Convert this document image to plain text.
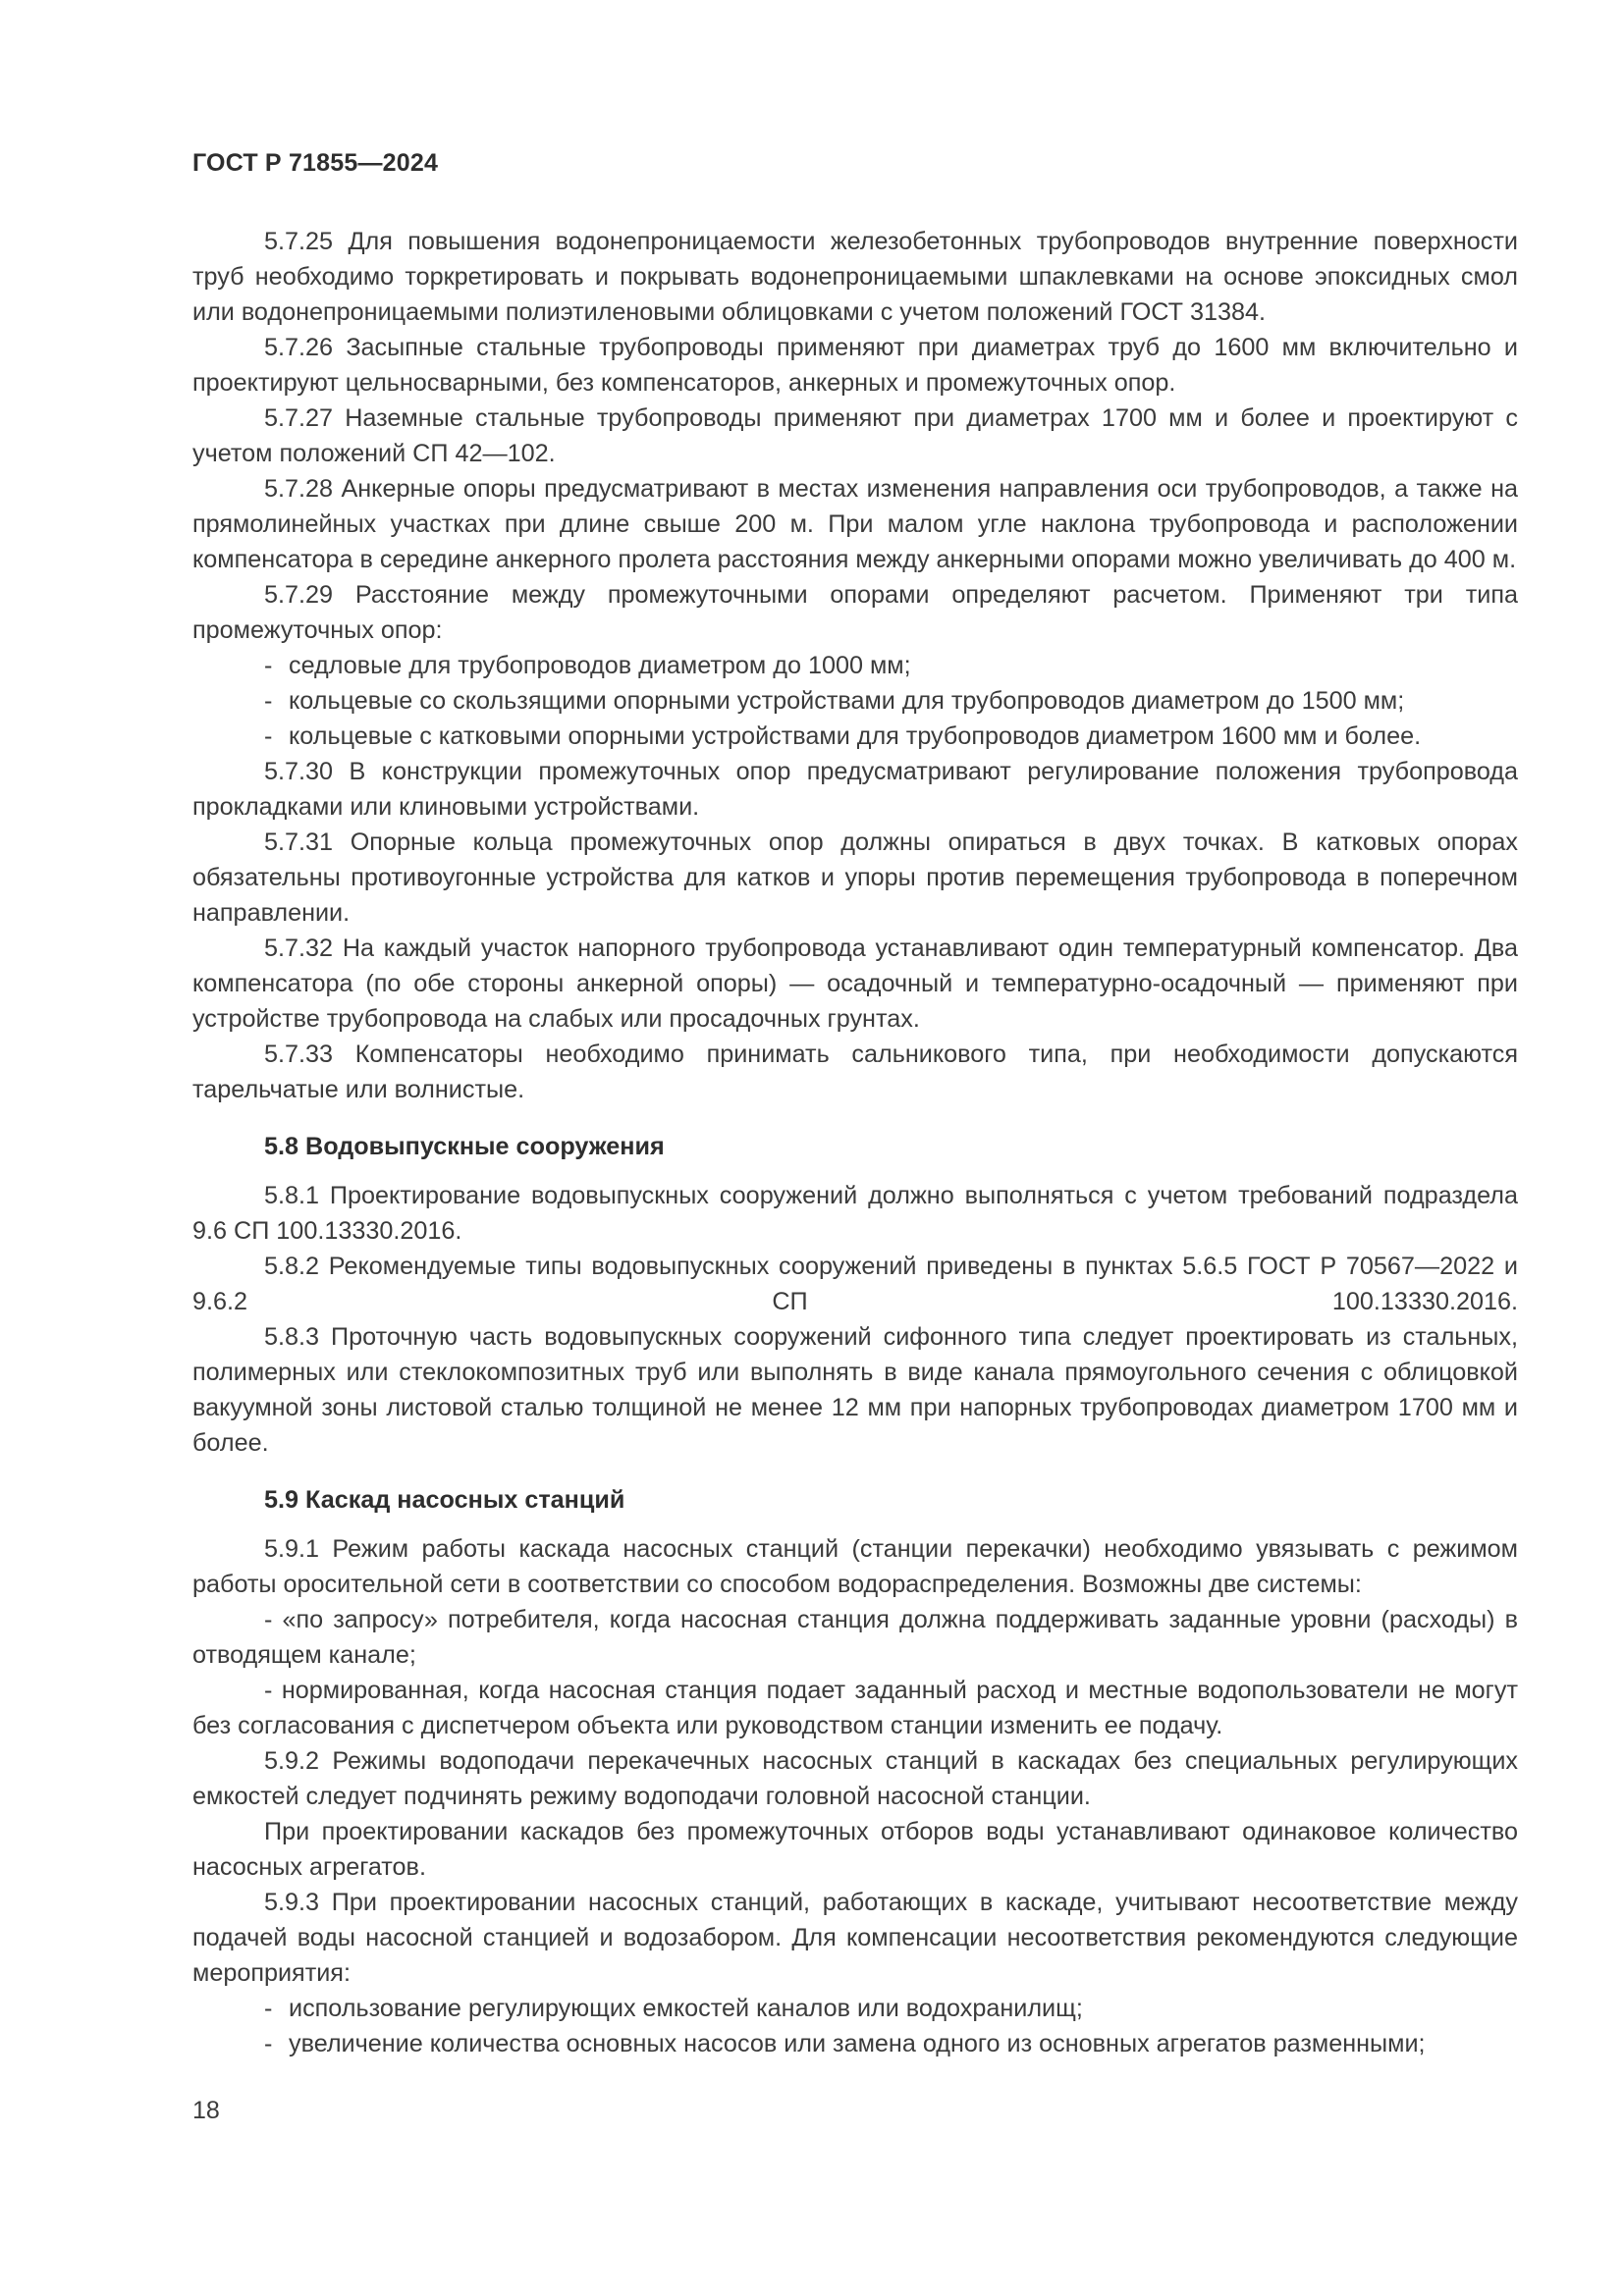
ГОСТ Р 71855—2024

5.7.25 Для повышения водонепроницаемости железобетонных трубопроводов внутренние поверхности труб необходимо торкретировать и покрывать водонепроницаемыми шпаклевками на основе эпоксидных смол или водонепроницаемыми полиэтиленовыми облицовками с учетом положений ГОСТ 31384.

5.7.26 Засыпные стальные трубопроводы применяют при диаметрах труб до 1600 мм включительно и проектируют цельносварными, без компенсаторов, анкерных и промежуточных опор.

5.7.27 Наземные стальные трубопроводы применяют при диаметрах 1700 мм и более и проектируют с учетом положений СП 42—102.

5.7.28 Анкерные опоры предусматривают в местах изменения направления оси трубопроводов, а также на прямолинейных участках при длине свыше 200 м. При малом угле наклона трубопровода и расположении компенсатора в середине анкерного пролета расстояния между анкерными опорами можно увеличивать до 400 м.

5.7.29 Расстояние между промежуточными опорами определяют расчетом. Применяют три типа промежуточных опор:

- седловые для трубопроводов диаметром до 1000 мм;

- кольцевые со скользящими опорными устройствами для трубопроводов диаметром до 1500 мм;

- кольцевые с катковыми опорными устройствами для трубопроводов диаметром 1600 мм и более.

5.7.30 В конструкции промежуточных опор предусматривают регулирование положения трубопровода прокладками или клиновыми устройствами.

5.7.31 Опорные кольца промежуточных опор должны опираться в двух точках. В катковых опорах обязательны противоугонные устройства для катков и упоры против перемещения трубопровода в поперечном направлении.

5.7.32 На каждый участок напорного трубопровода устанавливают один температурный компенсатор. Два компенсатора (по обе стороны анкерной опоры) — осадочный и температурно-осадочный — применяют при устройстве трубопровода на слабых или просадочных грунтах.

5.7.33 Компенсаторы необходимо принимать сальникового типа, при необходимости допускаются тарельчатые или волнистые.

5.8 Водовыпускные сооружения

5.8.1 Проектирование водовыпускных сооружений должно выполняться с учетом требований подраздела 9.6 СП 100.13330.2016.

5.8.2 Рекомендуемые типы водовыпускных сооружений приведены в пунктах 5.6.5 ГОСТ Р 70567—2022 и 9.6.2 СП 100.13330.2016.

5.8.3 Проточную часть водовыпускных сооружений сифонного типа следует проектировать из стальных, полимерных или стеклокомпозитных труб или выполнять в виде канала прямоугольного сечения с облицовкой вакуумной зоны листовой сталью толщиной не менее 12 мм при напорных трубопроводах диаметром 1700 мм и более.

5.9 Каскад насосных станций

5.9.1 Режим работы каскада насосных станций (станции перекачки) необходимо увязывать с режимом работы оросительной сети в соответствии со способом водораспределения. Возможны две системы:

- «по запросу» потребителя, когда насосная станция должна поддерживать заданные уровни (расходы) в отводящем канале;

- нормированная, когда насосная станция подает заданный расход и местные водопользователи не могут без согласования с диспетчером объекта или руководством станции изменить ее подачу.

5.9.2 Режимы водоподачи перекачечных насосных станций в каскадах без специальных регулирующих емкостей следует подчинять режиму водоподачи головной насосной станции.

При проектировании каскадов без промежуточных отборов воды устанавливают одинаковое количество насосных агрегатов.

5.9.3 При проектировании насосных станций, работающих в каскаде, учитывают несоответствие между подачей воды насосной станцией и водозабором. Для компенсации несоответствия рекомендуются следующие мероприятия:

- использование регулирующих емкостей каналов или водохранилищ;

- увеличение количества основных насосов или замена одного из основных агрегатов разменными;

18
